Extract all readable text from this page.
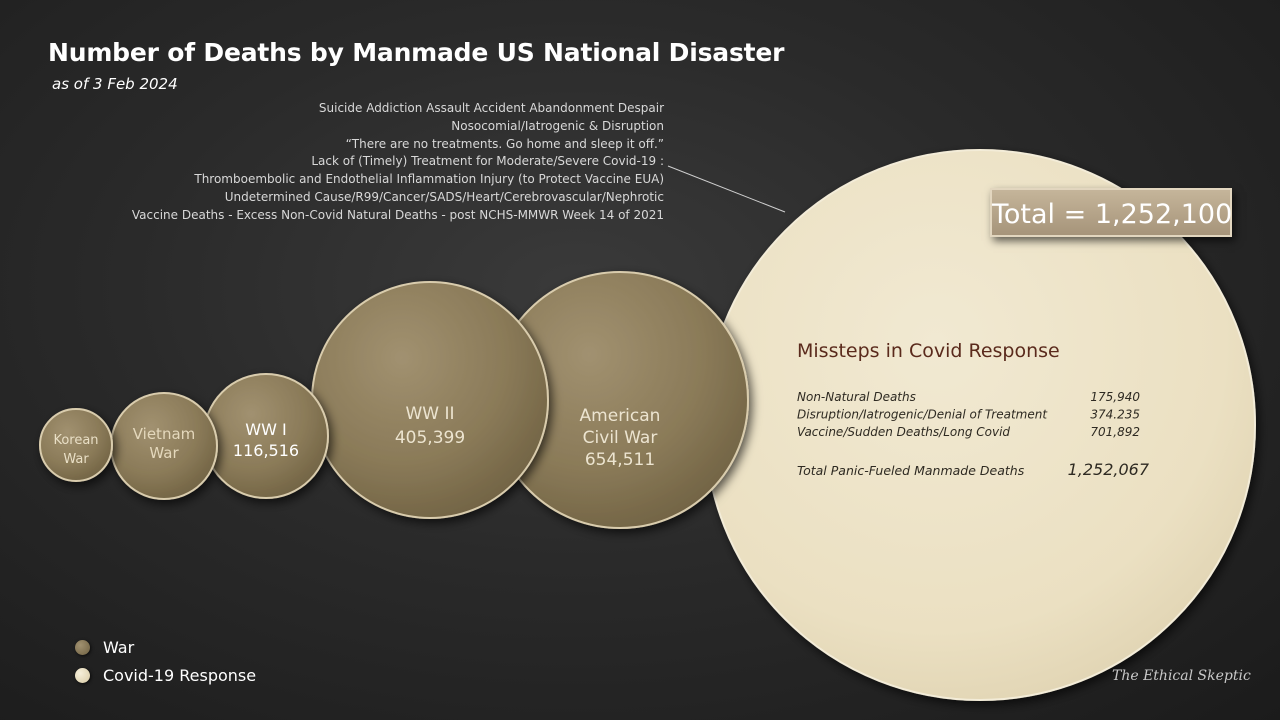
Number of Deaths by Manmade US National Disaster
as of 3 Feb 2024
Suicide Addiction Assault Accident Abandonment Despair
Nosocomial/Iatrogenic & Disruption
“There are no treatments. Go home and sleep it off.”
Lack of (Timely) Treatment for Moderate/Severe Covid-19 :
Thromboembolic and Endothelial Inflammation Injury (to Protect Vaccine EUA)
Undetermined Cause/R99/Cancer/SADS/Heart/Cerebrovascular/Nephrotic
Vaccine Deaths - Excess Non-Covid Natural Deaths - post NCHS-MMWR Week 14 of 2021
American
Civil War
654,511
WW II
405,399
WW I
116,516
Vietnam
War
Korean
War
Missteps in Covid Response
Non-Natural Deaths	175,940
Disruption/Iatrogenic/Denial of Treatment	374.235
Vaccine/Sudden Deaths/Long Covid	701,892
Total Panic-Fueled Manmade Deaths	1,252,067
Total = 1,252,100
War
Covid-19 Response	The Ethical Skeptic
